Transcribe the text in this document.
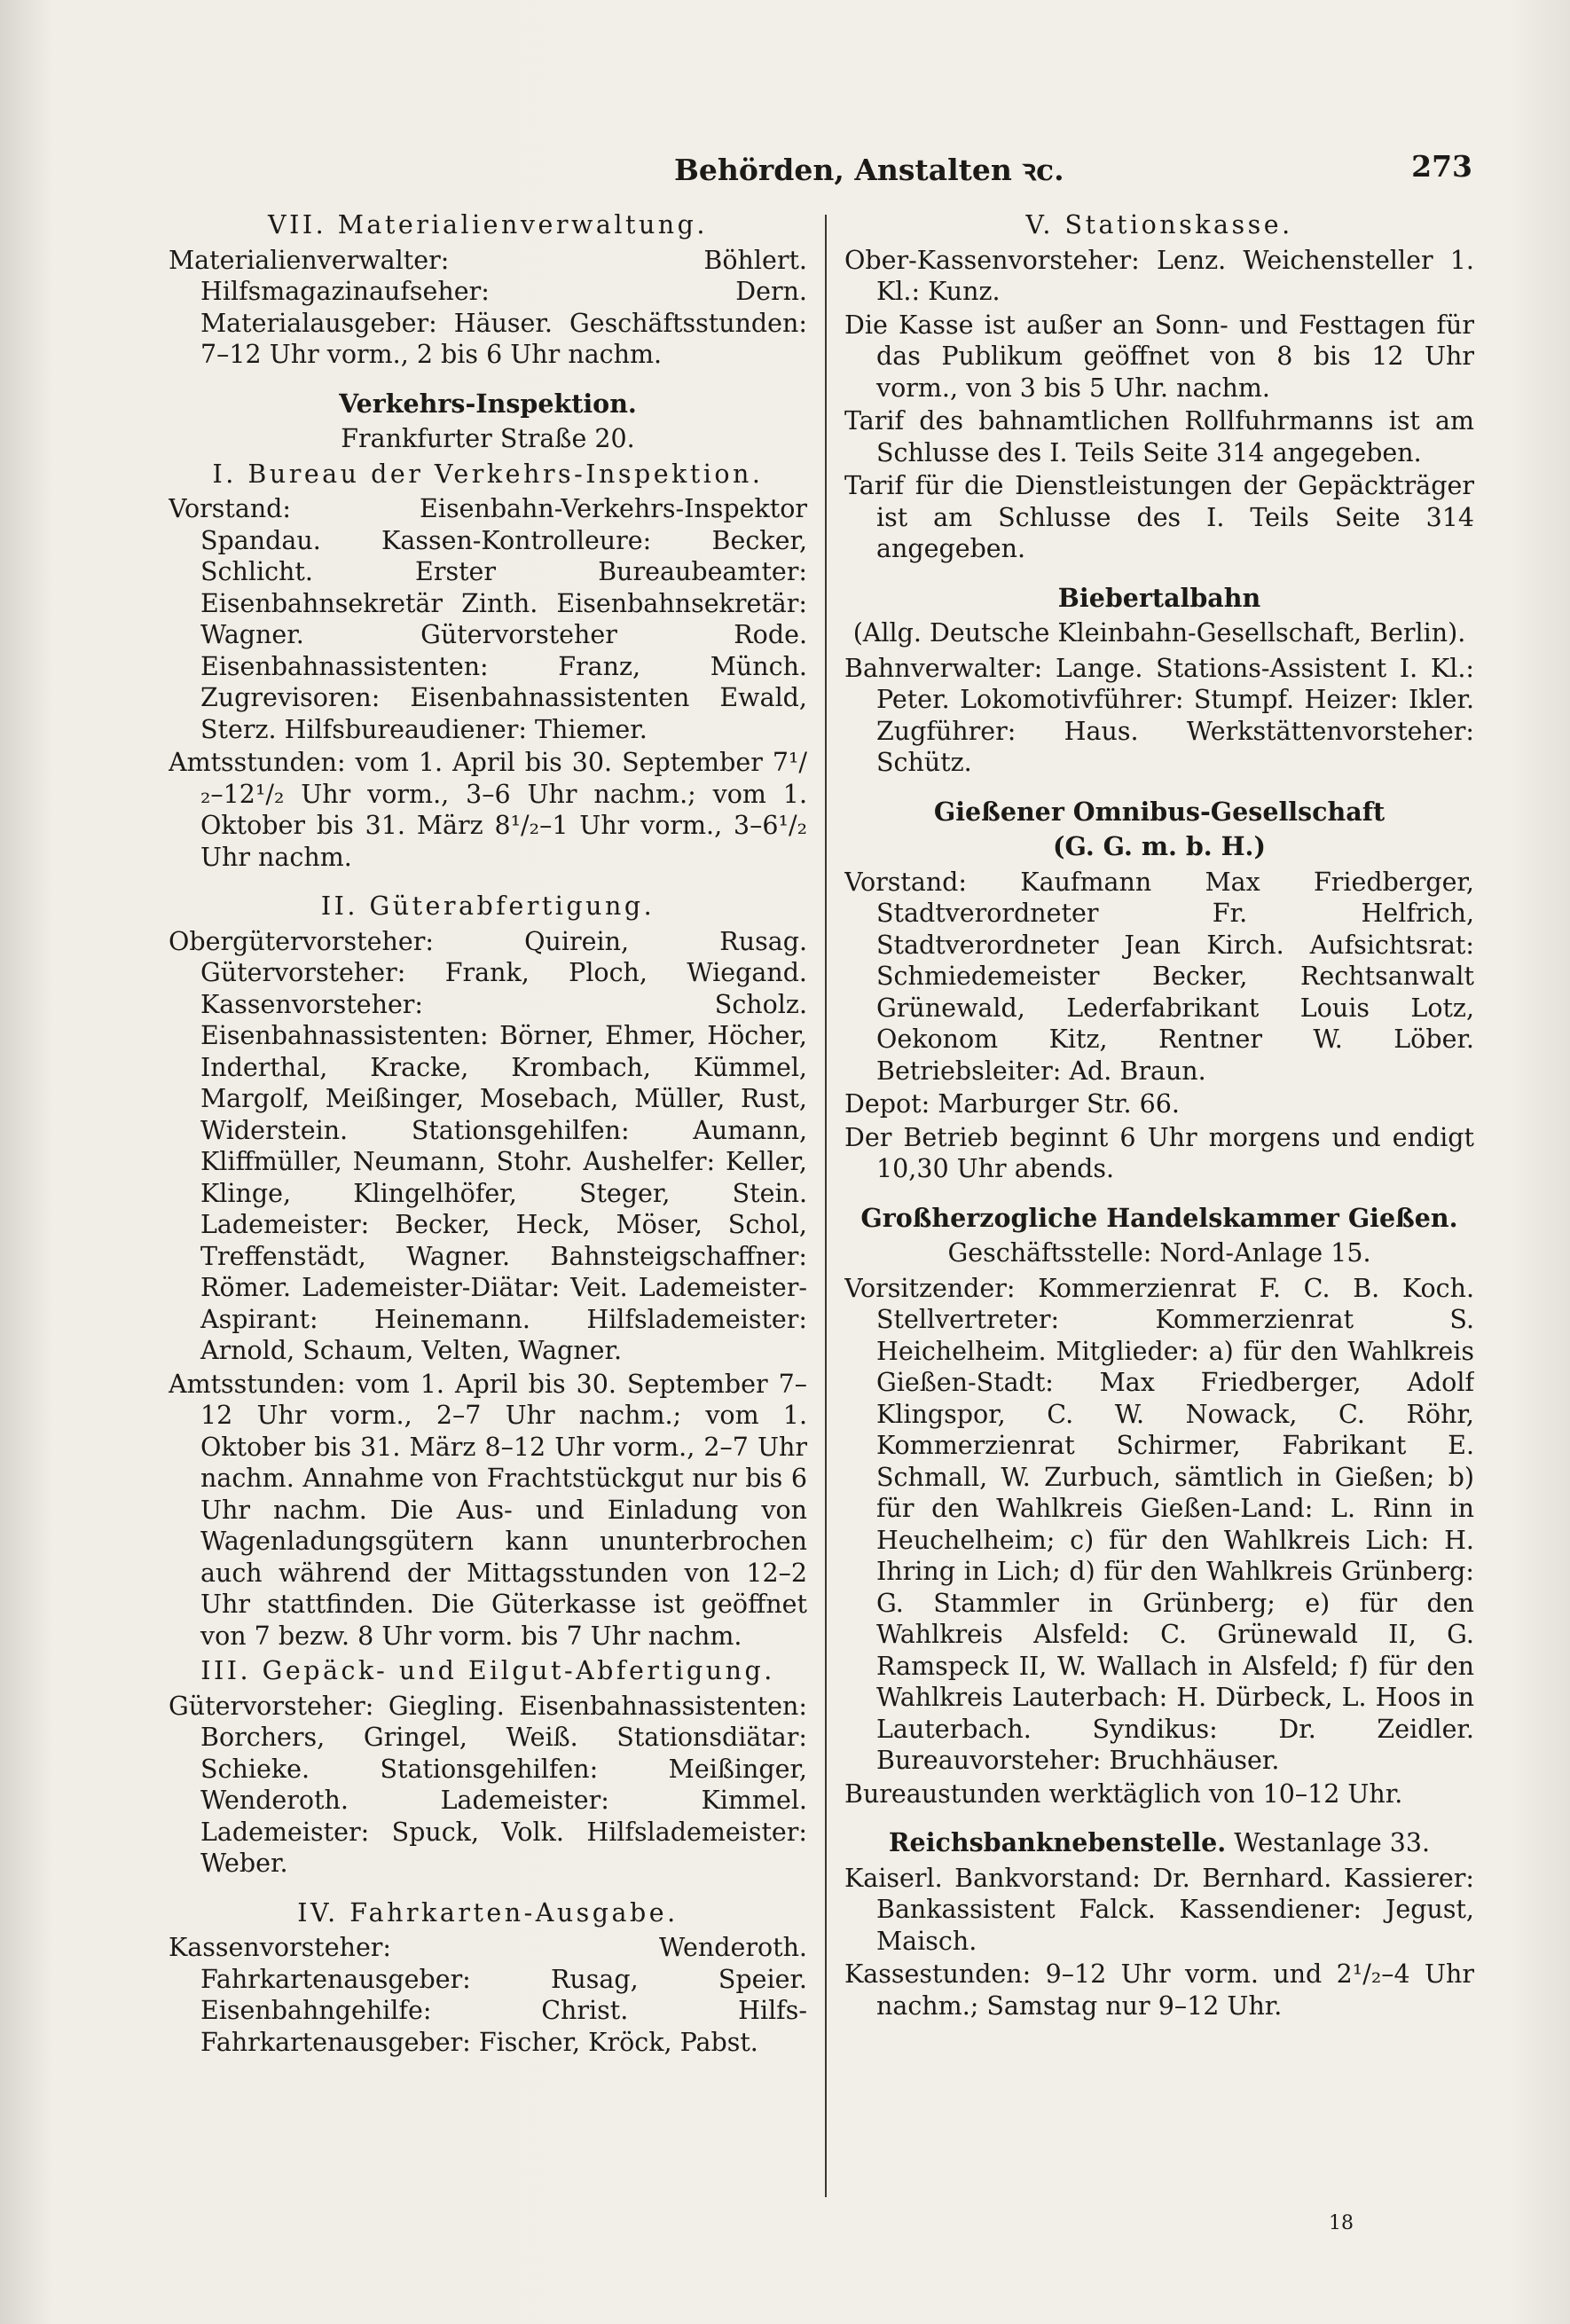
Behörden, Anstalten ꝛc.	273

VII. Materialienverwaltung.

Materialienverwalter: Böhlert. Hilfsmagazinaufseher: Dern. Materialausgeber: Häuser. Geschäftsstunden: 7–12 Uhr vorm., 2 bis 6 Uhr nachm.

Verkehrs-Inspektion.

Frankfurter Straße 20.

I. Bureau der Verkehrs-Inspektion.

Vorstand: Eisenbahn-Verkehrs-Inspektor Spandau. Kassen-Kontrolleure: Becker, Schlicht. Erster Bureaubeamter: Eisenbahnsekretär Zinth. Eisenbahnsekretär: Wagner. Gütervorsteher Rode. Eisenbahnassistenten: Franz, Münch. Zugrevisoren: Eisenbahnassistenten Ewald, Sterz. Hilfsbureaudiener: Thiemer.

Amtsstunden: vom 1. April bis 30. September 7¹/₂–12¹/₂ Uhr vorm., 3–6 Uhr nachm.; vom 1. Oktober bis 31. März 8¹/₂–1 Uhr vorm., 3–6¹/₂ Uhr nachm.

II. Güterabfertigung.

Obergütervorsteher: Quirein, Rusag. Gütervorsteher: Frank, Ploch, Wiegand. Kassenvorsteher: Scholz. Eisenbahnassistenten: Börner, Ehmer, Höcher, Inderthal, Kracke, Krombach, Kümmel, Margolf, Meißinger, Mosebach, Müller, Rust, Widerstein. Stationsgehilfen: Aumann, Kliffmüller, Neumann, Stohr. Aushelfer: Keller, Klinge, Klingelhöfer, Steger, Stein. Lademeister: Becker, Heck, Möser, Schol, Treffenstädt, Wagner. Bahnsteigschaffner: Römer. Lademeister-Diätar: Veit. Lademeister-Aspirant: Heinemann. Hilfslademeister: Arnold, Schaum, Velten, Wagner.

Amtsstunden: vom 1. April bis 30. September 7–12 Uhr vorm., 2–7 Uhr nachm.; vom 1. Oktober bis 31. März 8–12 Uhr vorm., 2–7 Uhr nachm. Annahme von Frachtstückgut nur bis 6 Uhr nachm. Die Aus- und Einladung von Wagenladungsgütern kann ununterbrochen auch während der Mittagsstunden von 12–2 Uhr stattfinden. Die Güterkasse ist geöffnet von 7 bezw. 8 Uhr vorm. bis 7 Uhr nachm.

III. Gepäck- und Eilgut-Abfertigung.

Gütervorsteher: Giegling. Eisenbahnassistenten: Borchers, Gringel, Weiß. Stationsdiätar: Schieke. Stationsgehilfen: Meißinger, Wenderoth. Lademeister: Kimmel. Lademeister: Spuck, Volk. Hilfslademeister: Weber.

IV. Fahrkarten-Ausgabe.

Kassenvorsteher: Wenderoth. Fahrkartenausgeber: Rusag, Speier. Eisenbahngehilfe: Christ. Hilfs-Fahrkartenausgeber: Fischer, Kröck, Pabst.

V. Stationskasse.

Ober-Kassenvorsteher: Lenz. Weichensteller 1. Kl.: Kunz.

Die Kasse ist außer an Sonn- und Festtagen für das Publikum geöffnet von 8 bis 12 Uhr vorm., von 3 bis 5 Uhr. nachm.

Tarif des bahnamtlichen Rollfuhrmanns ist am Schlusse des I. Teils Seite 314 angegeben.

Tarif für die Dienstleistungen der Gepäckträger ist am Schlusse des I. Teils Seite 314 angegeben.

Biebertalbahn

(Allg. Deutsche Kleinbahn-Gesellschaft, Berlin).

Bahnverwalter: Lange. Stations-Assistent I. Kl.: Peter. Lokomotivführer: Stumpf. Heizer: Ikler. Zugführer: Haus. Werkstättenvorsteher: Schütz.

Gießener Omnibus-Gesellschaft

(G. G. m. b. H.)

Vorstand: Kaufmann Max Friedberger, Stadtverordneter Fr. Helfrich, Stadtverordneter Jean Kirch. Aufsichtsrat: Schmiedemeister Becker, Rechtsanwalt Grünewald, Lederfabrikant Louis Lotz, Oekonom Kitz, Rentner W. Löber. Betriebsleiter: Ad. Braun.

Depot: Marburger Str. 66.

Der Betrieb beginnt 6 Uhr morgens und endigt 10,30 Uhr abends.

Großherzogliche Handelskammer Gießen.

Geschäftsstelle: Nord-Anlage 15.

Vorsitzender: Kommerzienrat F. C. B. Koch. Stellvertreter: Kommerzienrat S. Heichelheim. Mitglieder: a) für den Wahlkreis Gießen-Stadt: Max Friedberger, Adolf Klingspor, C. W. Nowack, C. Röhr, Kommerzienrat Schirmer, Fabrikant E. Schmall, W. Zurbuch, sämtlich in Gießen; b) für den Wahlkreis Gießen-Land: L. Rinn in Heuchelheim; c) für den Wahlkreis Lich: H. Ihring in Lich; d) für den Wahlkreis Grünberg: G. Stammler in Grünberg; e) für den Wahlkreis Alsfeld: C. Grünewald II, G. Ramspeck II, W. Wallach in Alsfeld; f) für den Wahlkreis Lauterbach: H. Dürbeck, L. Hoos in Lauterbach. Syndikus: Dr. Zeidler. Bureauvorsteher: Bruchhäuser.

Bureaustunden werktäglich von 10–12 Uhr.

Reichsbanknebenstelle. Westanlage 33.

Kaiserl. Bankvorstand: Dr. Bernhard. Kassierer: Bankassistent Falck. Kassendiener: Jegust, Maisch.

Kassestunden: 9–12 Uhr vorm. und 2¹/₂–4 Uhr nachm.; Samstag nur 9–12 Uhr.

18
